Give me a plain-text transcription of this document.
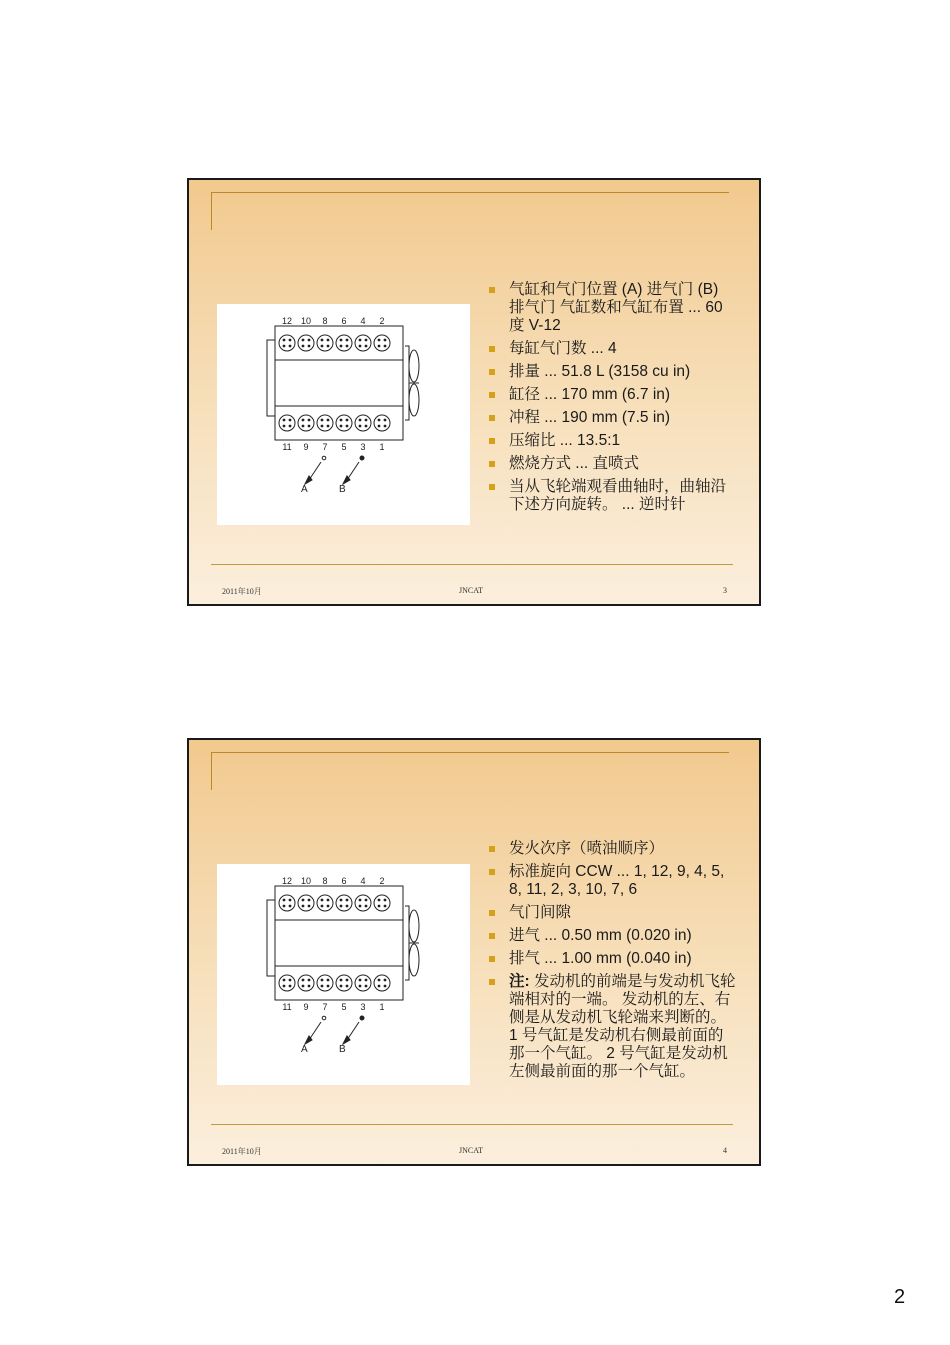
12 10 8 6 4 2
11 9 7 5 3 1
A	B
气缸和气门位置 (A) 进气门 (B) 排气门 气缸数和气缸布置 ... 60 度 V-12
每缸气门数 ... 4
排量 ... 51.8 L (3158 cu in)
缸径 ... 170 mm (6.7 in)
冲程 ... 190 mm (7.5 in)
压缩比 ... 13.5:1
燃烧方式 ... 直喷式
当从飞轮端观看曲轴时，曲轴沿下述方向旋转。 ... 逆时针
2011年10月	JNCAT	3
12 10 8 6 4 2
11 9 7 5 3 1
A	B
发火次序（喷油顺序）
标准旋向 CCW ... 1, 12, 9, 4, 5, 8, 11, 2, 3, 10, 7, 6
气门间隙
进气 ... 0.50 mm (0.020 in)
排气 ... 1.00 mm (0.040 in)
注: 发动机的前端是与发动机飞轮端相对的一端。 发动机的左、右侧是从发动机飞轮端来判断的。 1 号气缸是发动机右侧最前面的那一个气缸。 2 号气缸是发动机左侧最前面的那一个气缸。
2011年10月	JNCAT	4
2
